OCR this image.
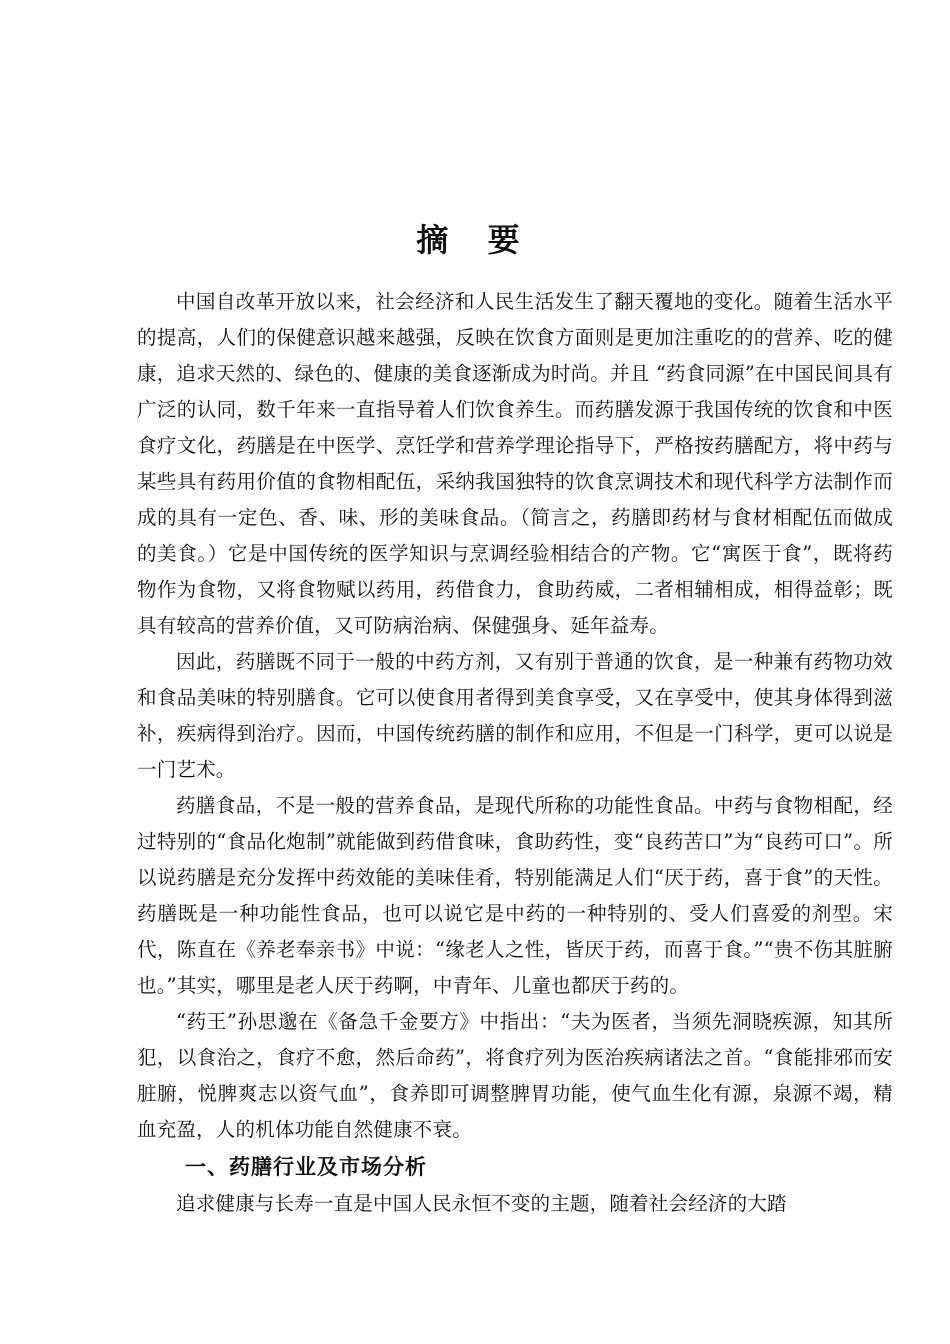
摘 要

中国自改革开放以来，社会经济和人民生活发生了翻天覆地的变化。随着生活水平的提高，人们的保健意识越来越强，反映在饮食方面则是更加注重吃的的营养、吃的健康，追求天然的、绿色的、健康的美食逐渐成为时尚。并且 “药食同源”在中国民间具有广泛的认同，数千年来一直指导着人们饮食养生。而药膳发源于我国传统的饮食和中医食疗文化，药膳是在中医学、烹饪学和营养学理论指导下，严格按药膳配方，将中药与某些具有药用价值的食物相配伍，采纳我国独特的饮食烹调技术和现代科学方法制作而成的具有一定色、香、味、形的美味食品。（简言之，药膳即药材与食材相配伍而做成的美食。）它是中国传统的医学知识与烹调经验相结合的产物。它“寓医于食”，既将药物作为食物，又将食物赋以药用，药借食力，食助药威，二者相辅相成，相得益彰；既具有较高的营养价值，又可防病治病、保健强身、延年益寿。

因此，药膳既不同于一般的中药方剂，又有别于普通的饮食，是一种兼有药物功效和食品美味的特别膳食。它可以使食用者得到美食享受，又在享受中，使其身体得到滋补，疾病得到治疗。因而，中国传统药膳的制作和应用，不但是一门科学，更可以说是一门艺术。

药膳食品，不是一般的营养食品，是现代所称的功能性食品。中药与食物相配，经过特别的“食品化炮制”就能做到药借食味，食助药性，变“良药苦口”为“良药可口”。所以说药膳是充分发挥中药效能的美味佳肴，特别能满足人们“厌于药，喜于食”的天性。药膳既是一种功能性食品，也可以说它是中药的一种特别的、受人们喜爱的剂型。宋代，陈直在《养老奉亲书》中说：“缘老人之性，皆厌于药，而喜于食。”“贵不伤其脏腑也。”其实，哪里是老人厌于药啊，中青年、儿童也都厌于药的。

“药王”孙思邈在《备急千金要方》中指出：“夫为医者，当须先洞晓疾源，知其所犯，以食治之，食疗不愈，然后命药”，将食疗列为医治疾病诸法之首。“食能排邪而安脏腑，悦脾爽志以资气血”，食养即可调整脾胃功能，使气血生化有源，泉源不竭，精血充盈，人的机体功能自然健康不衰。

一、药膳行业及市场分析

追求健康与长寿一直是中国人民永恒不变的主题，随着社会经济的大踏
